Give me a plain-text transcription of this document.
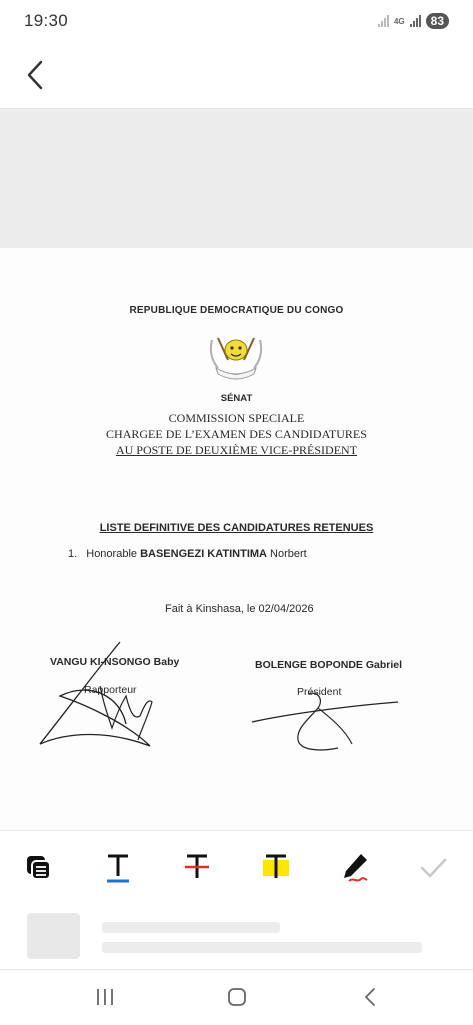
19:30	4G	83
REPUBLIQUE DEMOCRATIQUE DU CONGO
~~~
SÉNAT
COMMISSION SPECIALE
CHARGEE DE L’EXAMEN DES CANDIDATURES
AU POSTE DE DEUXIÈME VICE-PRÉSIDENT
LISTE DEFINITIVE DES CANDIDATURES RETENUES
1. Honorable BASENGEZI KATINTIMA Norbert
Fait à Kinshasa, le 02/04/2026
VANGU KI-NSONGO Baby
Rapporteur
BOLENGE BOPONDE Gabriel
Président
